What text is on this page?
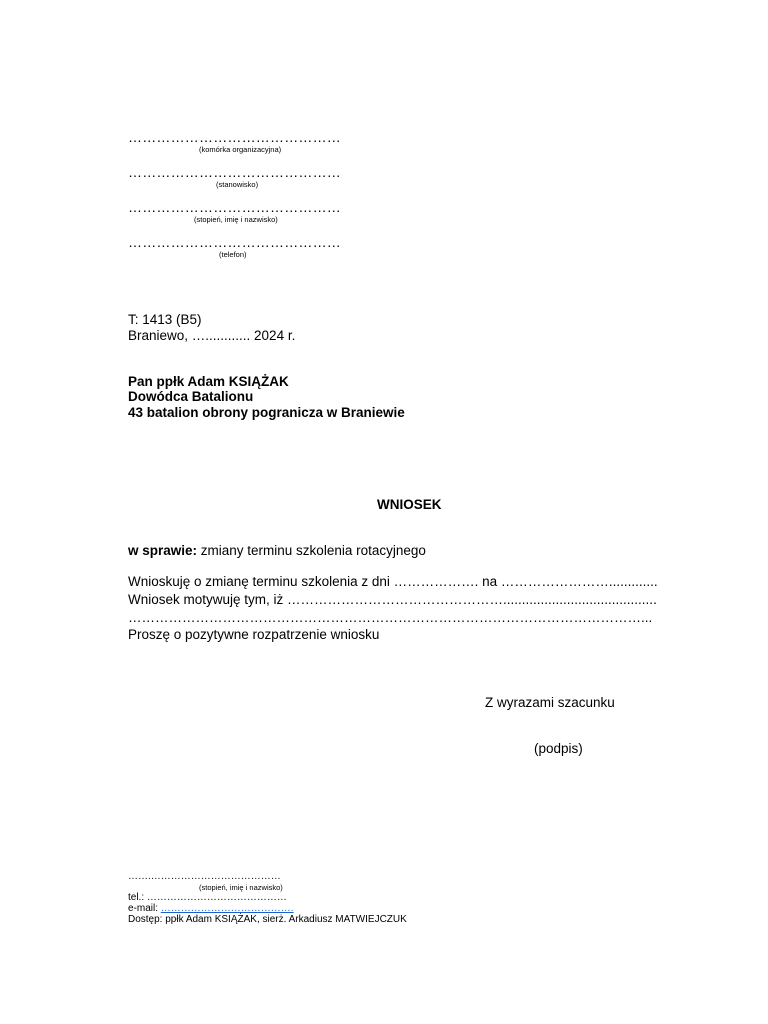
………………………………………
(komórka organizacyjna)
………………………………………
(stanowisko)
………………………………………
(stopień, imię i nazwisko)
………………………………………
(telefon)
T: 1413 (B5)
Braniewo, …............ 2024 r.
Pan ppłk Adam KSIĄŻAK
Dowódca Batalionu
43 batalion obrony pogranicza w Braniewie
WNIOSEK
w sprawie: zmiany terminu szkolenia rotacyjnego
Wnioskuję o zmianę terminu szkolenia z dni ………………. na …………………….............
Wniosek motywuję tym, iż ………………………………………….........................................
……………………………………………………………………………………………………...
Proszę o pozytywne rozpatrzenie wniosku
Z wyrazami szacunku
(podpis)
…….…………………………………
(stopień, imię i nazwisko)
tel.: ……………………………………
e-mail: ………………………………….
Dostęp: ppłk Adam KSIĄŻAK, sierż. Arkadiusz MATWIEJCZUK
